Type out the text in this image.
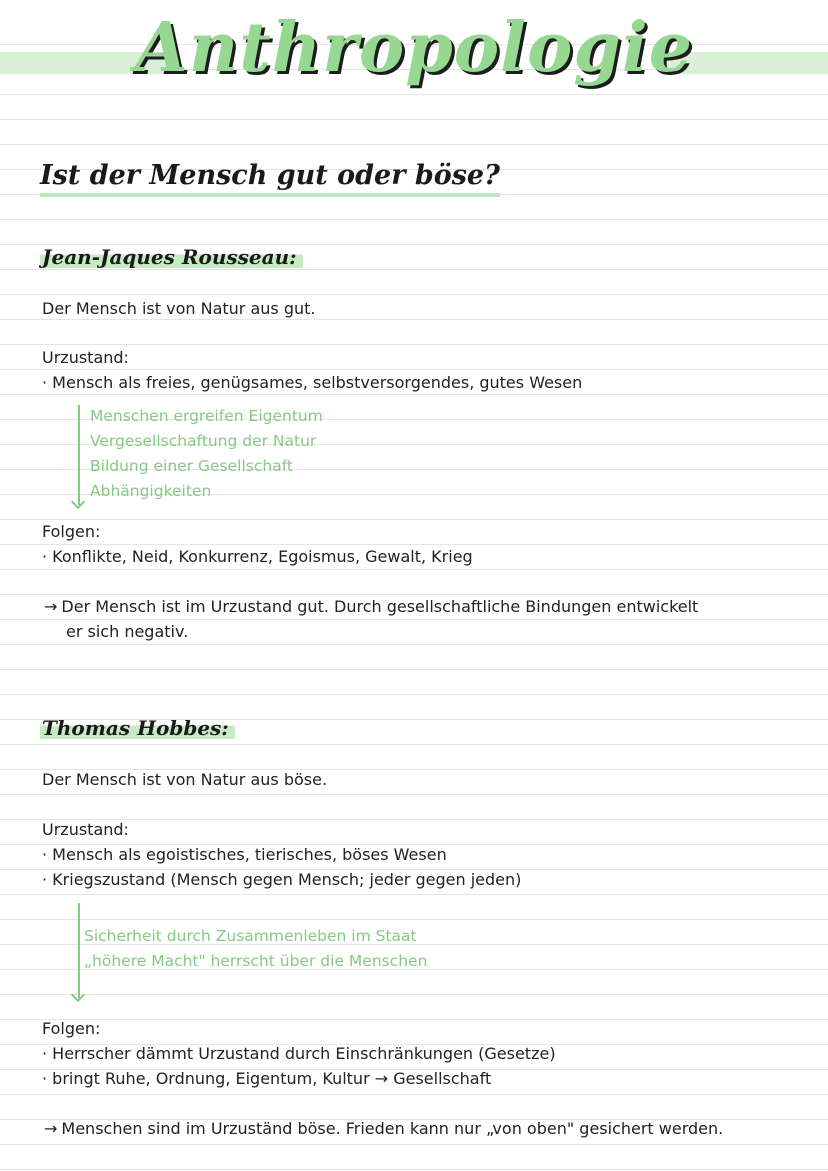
Anthropologie
Ist der Mensch gut oder böse?
Jean-Jaques Rousseau:
Der Mensch ist von Natur aus gut.
Urzustand:
· Mensch als freies, genügsames, selbstversorgendes, gutes Wesen
Menschen ergreifen Eigentum
Vergesellschaftung der Natur
Bildung einer Gesellschaft
Abhängigkeiten
Folgen:
· Konflikte, Neid, Konkurrenz, Egoismus, Gewalt, Krieg
→ Der Mensch ist im Urzustand gut. Durch gesellschaftliche Bindungen entwickelt
er sich negativ.
Thomas Hobbes:
Der Mensch ist von Natur aus böse.
Urzustand:
· Mensch als egoistisches, tierisches, böses Wesen
· Kriegszustand (Mensch gegen Mensch; jeder gegen jeden)
Sicherheit durch Zusammenleben im Staat
„höhere Macht" herrscht über die Menschen
Folgen:
· Herrscher dämmt Urzustand durch Einschränkungen (Gesetze)
· bringt Ruhe, Ordnung, Eigentum, Kultur → Gesellschaft
→ Menschen sind im Urzuständ böse. Frieden kann nur „von oben" gesichert werden.
